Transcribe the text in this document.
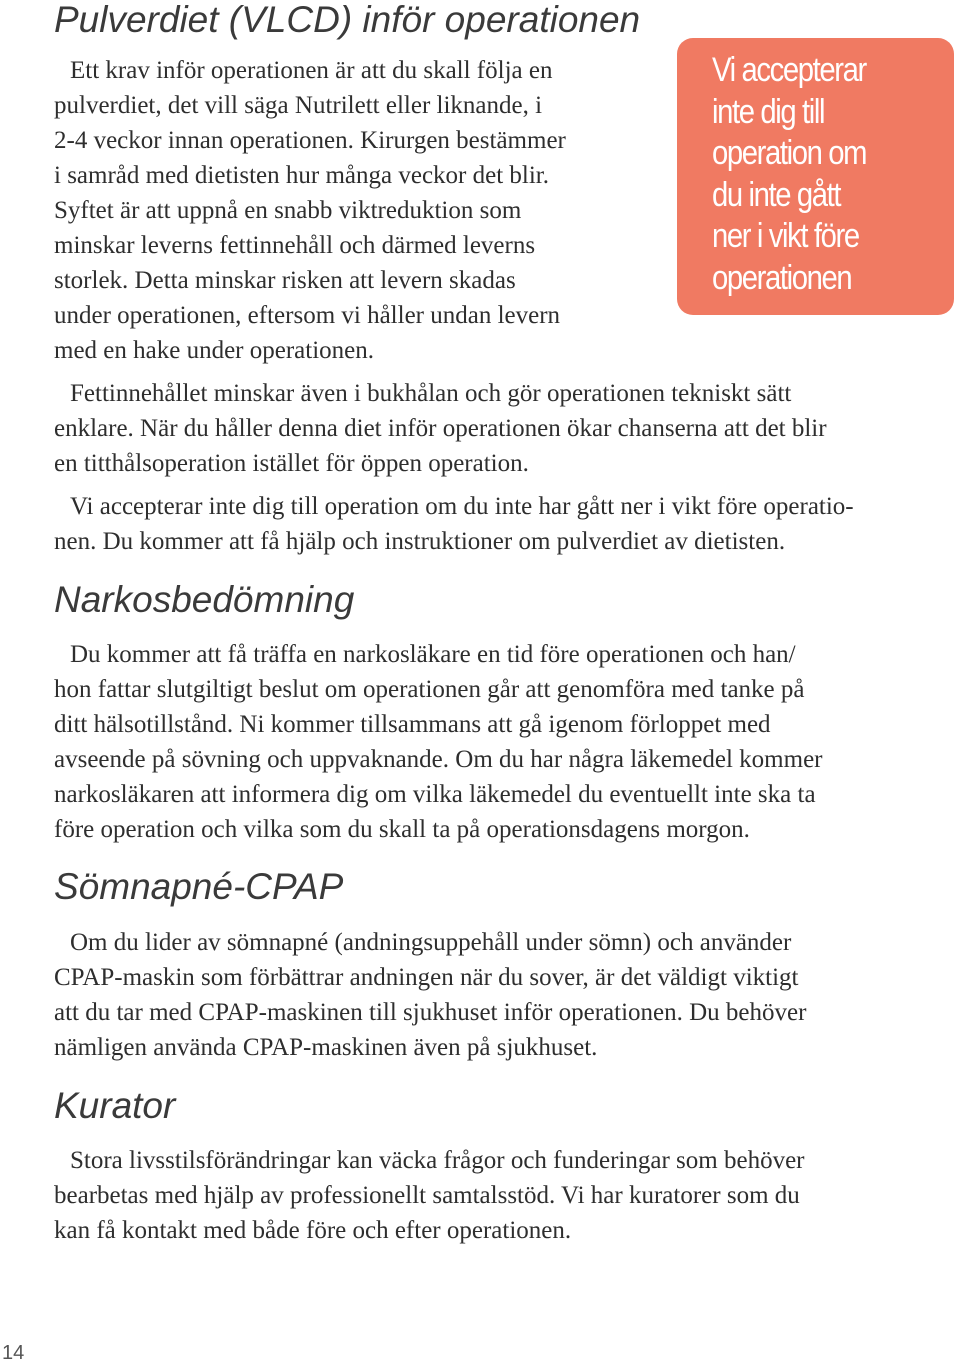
Pulverdiet (VLCD) inför operationen

Ett krav inför operationen är att du skall följa en
pulverdiet, det vill säga Nutrilett eller liknande, i
2-4 veckor innan operationen. Kirurgen bestämmer
i samråd med dietisten hur många veckor det blir.
Syftet är att uppnå en snabb viktreduktion som
minskar leverns fettinnehåll och därmed leverns
storlek. Detta minskar risken att levern skadas
under operationen, eftersom vi håller undan levern
med en hake under operationen.

Vi accepterar
inte dig till
operation om
du inte gått
ner i vikt före
operationen

Fettinnehållet minskar även i bukhålan och gör operationen tekniskt sätt
enklare. När du håller denna diet inför operationen ökar chanserna att det blir
en titthålsoperation istället för öppen operation.

Vi accepterar inte dig till operation om du inte har gått ner i vikt före operatio-
nen. Du kommer att få hjälp och instruktioner om pulverdiet av dietisten.

Narkosbedömning

Du kommer att få träffa en narkosläkare en tid före operationen och han/
hon fattar slutgiltigt beslut om operationen går att genomföra med tanke på
ditt hälsotillstånd. Ni kommer tillsammans att gå igenom förloppet med
avseende på sövning och uppvaknande. Om du har några läkemedel kommer
narkosläkaren att informera dig om vilka läkemedel du eventuellt inte ska ta
före operation och vilka som du skall ta på operationsdagens morgon.

Sömnapné-CPAP

Om du lider av sömnapné (andningsuppehåll under sömn) och använder
CPAP-maskin som förbättrar andningen när du sover, är det väldigt viktigt
att du tar med CPAP-maskinen till sjukhuset inför operationen. Du behöver
nämligen använda CPAP-maskinen även på sjukhuset.

Kurator

Stora livsstilsförändringar kan väcka frågor och funderingar som behöver
bearbetas med hjälp av professionellt samtalsstöd. Vi har kuratorer som du
kan få kontakt med både före och efter operationen.

14
